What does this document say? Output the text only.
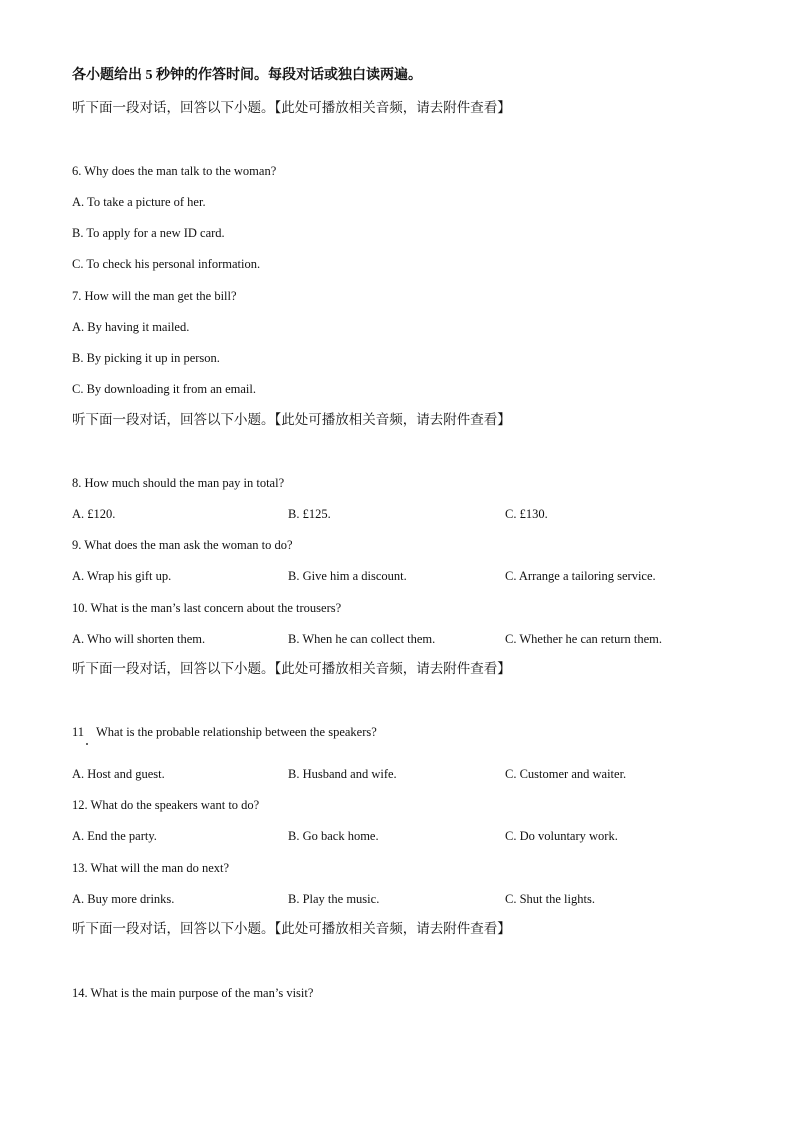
各小题给出 5 秒钟的作答时间。每段对话或独白读两遍。
听下面一段对话，回答以下小题。【此处可播放相关音频，请去附件查看】
6. Why does the man talk to the woman?
A. To take a picture of her.
B. To apply for a new ID card.
C. To check his personal information.
7. How will the man get the bill?
A. By having it mailed.
B. By picking it up in person.
C. By downloading it from an email.
听下面一段对话，回答以下小题。【此处可播放相关音频，请去附件查看】
8. How much should the man pay in total?
A. £120.	B. £125.	C. £130.
9. What does the man ask the woman to do?
A. Wrap his gift up.	B. Give him a discount.	C. Arrange a tailoring service.
10. What is the man’s last concern about the trousers?
A. Who will shorten them.	B. When he can collect them.	C. Whether he can return them.
听下面一段对话，回答以下小题。【此处可播放相关音频，请去附件查看】
11 What is the probable relationship between the speakers?
A. Host and guest.	B. Husband and wife.	C. Customer and waiter.
12. What do the speakers want to do?
A. End the party.	B. Go back home.	C. Do voluntary work.
13. What will the man do next?
A. Buy more drinks.	B. Play the music.	C. Shut the lights.
听下面一段对话，回答以下小题。【此处可播放相关音频，请去附件查看】
14. What is the main purpose of the man’s visit?
